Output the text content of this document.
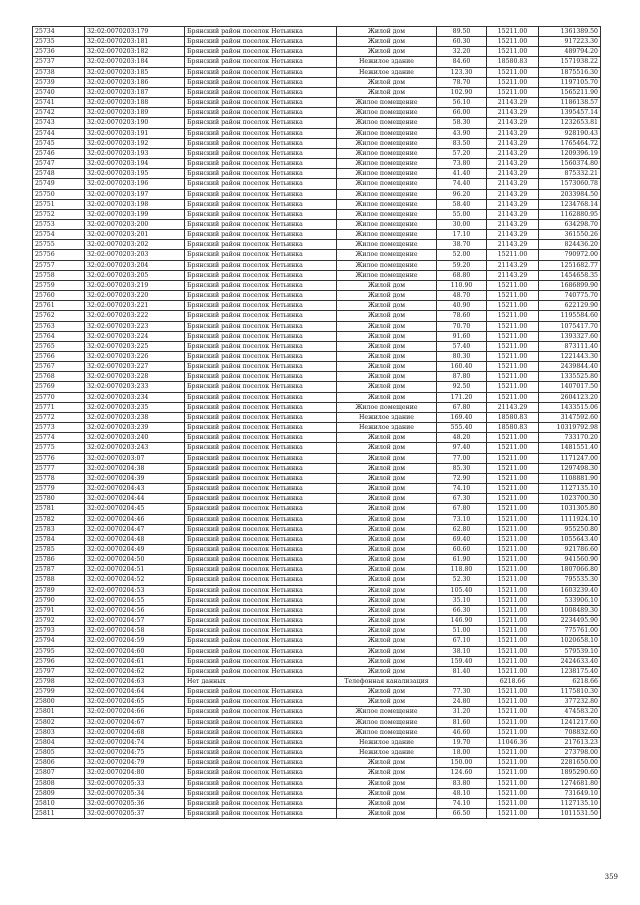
25734	32:02:0070203:179	Брянский район поселок Нетьинка	Жилой дом	89.50	15211.00	1361389.50
25735	32:02:0070203:181	Брянский район поселок Нетьинка	Жилой дом	60.30	15211.00	917223.30
25736	32:02:0070203:182	Брянский район поселок Нетьинка	Жилой дом	32.20	15211.00	489794.20
25737	32:02:0070203:184	Брянский район поселок Нетьинка	Нежилое здание	84.60	18580.83	1571938.22
25738	32:02:0070203:185	Брянский район поселок Нетьинка	Нежилое здание	123.30	15211.00	1875516.30
25739	32:02:0070203:186	Брянский район поселок Нетьинка	Жилой дом	78.70	15211.00	1197105.70
25740	32:02:0070203:187	Брянский район поселок Нетьинка	Жилой дом	102.90	15211.00	1565211.90
25741	32:02:0070203:188	Брянский район поселок Нетьинка	Жилое помещение	56.10	21143.29	1186138.57
25742	32:02:0070203:189	Брянский район поселок Нетьинка	Жилое помещение	66.00	21143.29	1395457.14
25743	32:02:0070203:190	Брянский район поселок Нетьинка	Жилое помещение	58.30	21143.29	1232653.81
25744	32:02:0070203:191	Брянский район поселок Нетьинка	Жилое помещение	43.90	21143.29	928190.43
25745	32:02:0070203:192	Брянский район поселок Нетьинка	Жилое помещение	83.50	21143.29	1765464.72
25746	32:02:0070203:193	Брянский район поселок Нетьинка	Жилое помещение	57.20	21143.29	1209396.19
25747	32:02:0070203:194	Брянский район поселок Нетьинка	Жилое помещение	73.80	21143.29	1560374.80
25748	32:02:0070203:195	Брянский район поселок Нетьинка	Жилое помещение	41.40	21143.29	875332.21
25749	32:02:0070203:196	Брянский район поселок Нетьинка	Жилое помещение	74.40	21143.29	1573060.78
25750	32:02:0070203:197	Брянский район поселок Нетьинка	Жилое помещение	96.20	21143.29	2033984.50
25751	32:02:0070203:198	Брянский район поселок Нетьинка	Жилое помещение	58.40	21143.29	1234768.14
25752	32:02:0070203:199	Брянский район поселок Нетьинка	Жилое помещение	55.00	21143.29	1162880.95
25753	32:02:0070203:200	Брянский район поселок Нетьинка	Жилое помещение	30.00	21143.29	634298.70
25754	32:02:0070203:201	Брянский район поселок Нетьинка	Жилое помещение	17.10	21143.29	361550.26
25755	32:02:0070203:202	Брянский район поселок Нетьинка	Жилое помещение	38.70	21143.29	824436.20
25756	32:02:0070203:203	Брянский район поселок Нетьинка	Жилое помещение	52.00	15211.00	790972.00
25757	32:02:0070203:204	Брянский район поселок Нетьинка	Жилое помещение	59.20	21143.29	1251682.77
25758	32:02:0070203:205	Брянский район поселок Нетьинка	Жилое помещение	68.80	21143.29	1454658.35
25759	32:02:0070203:219	Брянский район поселок Нетьинка	Жилой дом	110.90	15211.00	1686899.90
25760	32:02:0070203:220	Брянский район поселок Нетьинка	Жилой дом	48.70	15211.00	740775.70
25761	32:02:0070203:221	Брянский район поселок Нетьинка	Жилой дом	40.90	15211.00	622129.90
25762	32:02:0070203:222	Брянский район поселок Нетьинка	Жилой дом	78.60	15211.00	1195584.60
25763	32:02:0070203:223	Брянский район поселок Нетьинка	Жилой дом	70.70	15211.00	1075417.70
25764	32:02:0070203:224	Брянский район поселок Нетьинка	Жилой дом	91.60	15211.00	1393327.60
25765	32:02:0070203:225	Брянский район поселок Нетьинка	Жилой дом	57.40	15211.00	873111.40
25766	32:02:0070203:226	Брянский район поселок Нетьинка	Жилой дом	80.30	15211.00	1221443.30
25767	32:02:0070203:227	Брянский район поселок Нетьинка	Жилой дом	160.40	15211.00	2439844.40
25768	32:02:0070203:228	Брянский район поселок Нетьинка	Жилой дом	87.80	15211.00	1335525.80
25769	32:02:0070203:233	Брянский район поселок Нетьинка	Жилой дом	92.50	15211.00	1407017.50
25770	32:02:0070203:234	Брянский район поселок Нетьинка	Жилой дом	171.20	15211.00	2604123.20
25771	32:02:0070203:235	Брянский район поселок Нетьинка	Жилое помещение	67.80	21143.29	1433515.06
25772	32:02:0070203:238	Брянский район поселок Нетьинка	Нежилое здание	169.40	18580.83	3147592.60
25773	32:02:0070203:239	Брянский район поселок Нетьинка	Нежилое здание	555.40	18580.83	10319792.98
25774	32:02:0070203:240	Брянский район поселок Нетьинка	Жилой дом	48.20	15211.00	733170.20
25775	32:02:0070203:243	Брянский район поселок Нетьинка	Жилой дом	97.40	15211.00	1481551.40
25776	32:02:0070203:07	Брянский район поселок Нетьинка	Жилой дом	77.00	15211.00	1171247.00
25777	32:02:0070204:38	Брянский район поселок Нетьинка	Жилой дом	85.30	15211.00	1297498.30
25778	32:02:0070204:39	Брянский район поселок Нетьинка	Жилой дом	72.90	15211.00	1108881.90
25779	32:02:0070204:43	Брянский район поселок Нетьинка	Жилой дом	74.10	15211.00	1127135.10
25780	32:02:0070204:44	Брянский район поселок Нетьинка	Жилой дом	67.30	15211.00	1023700.30
25781	32:02:0070204:45	Брянский район поселок Нетьинка	Жилой дом	67.80	15211.00	1031305.80
25782	32:02:0070204:46	Брянский район поселок Нетьинка	Жилой дом	73.10	15211.00	1111924.10
25783	32:02:0070204:47	Брянский район поселок Нетьинка	Жилой дом	62.80	15211.00	955250.80
25784	32:02:0070204:48	Брянский район поселок Нетьинка	Жилой дом	69.40	15211.00	1055643.40
25785	32:02:0070204:49	Брянский район поселок Нетьинка	Жилой дом	60.60	15211.00	921786.60
25786	32:02:0070204:50	Брянский район поселок Нетьинка	Жилой дом	61.90	15211.00	941560.90
25787	32:02:0070204:51	Брянский район поселок Нетьинка	Жилой дом	118.80	15211.00	1807066.80
25788	32:02:0070204:52	Брянский район поселок Нетьинка	Жилой дом	52.30	15211.00	795535.30
25789	32:02:0070204:53	Брянский район поселок Нетьинка	Жилой дом	105.40	15211.00	1603239.40
25790	32:02:0070204:55	Брянский район поселок Нетьинка	Жилой дом	35.10	15211.00	533906.10
25791	32:02:0070204:56	Брянский район поселок Нетьинка	Жилой дом	66.30	15211.00	1008489.30
25792	32:02:0070204:57	Брянский район поселок Нетьинка	Жилой дом	146.90	15211.00	2234495.90
25793	32:02:0070204:58	Брянский район поселок Нетьинка	Жилой дом	51.00	15211.00	775761.00
25794	32:02:0070204:59	Брянский район поселок Нетьинка	Жилой дом	67.10	15211.00	1020658.10
25795	32:02:0070204:60	Брянский район поселок Нетьинка	Жилой дом	38.10	15211.00	579539.10
25796	32:02:0070204:61	Брянский район поселок Нетьинка	Жилой дом	159.40	15211.00	2424633.40
25797	32:02:0070204:62	Брянский район поселок Нетьинка	Жилой дом	81.40	15211.00	1238175.40
25798	32:02:0070204:63	Нет данных	Телефонная канализация		6218.66	6218.66
25799	32:02:0070204:64	Брянский район поселок Нетьинка	Жилой дом	77.30	15211.00	1175810.30
25800	32:02:0070204:65	Брянский район поселок Нетьинка	Жилой дом	24.80	15211.00	377232.80
25801	32:02:0070204:66	Брянский район поселок Нетьинка	Жилое помещение	31.20	15211.00	474583.20
25802	32:02:0070204:67	Брянский район поселок Нетьинка	Жилое помещение	81.60	15211.00	1241217.60
25803	32:02:0070204:68	Брянский район поселок Нетьинка	Жилое помещение	46.60	15211.00	708832.60
25804	32:02:0070204:74	Брянский район поселок Нетьинка	Нежилое здание	19.70	11046.36	217613.23
25805	32:02:0070204:75	Брянский район поселок Нетьинка	Нежилое здание	18.00	15211.00	273798.00
25806	32:02:0070204:79	Брянский район поселок Нетьинка	Жилой дом	150.00	15211.00	2281650.00
25807	32:02:0070204:80	Брянский район поселок Нетьинка	Жилой дом	124.60	15211.00	1895290.60
25808	32:02:0070205:33	Брянский район поселок Нетьинка	Жилой дом	83.80	15211.00	1274681.80
25809	32:02:0070205:34	Брянский район поселок Нетьинка	Жилой дом	48.10	15211.00	731649.10
25810	32:02:0070205:36	Брянский район поселок Нетьинка	Жилой дом	74.10	15211.00	1127135.10
25811	32:02:0070205:37	Брянский район поселок Нетьинка	Жилой дом	66.50	15211.00	1011531.50
359
